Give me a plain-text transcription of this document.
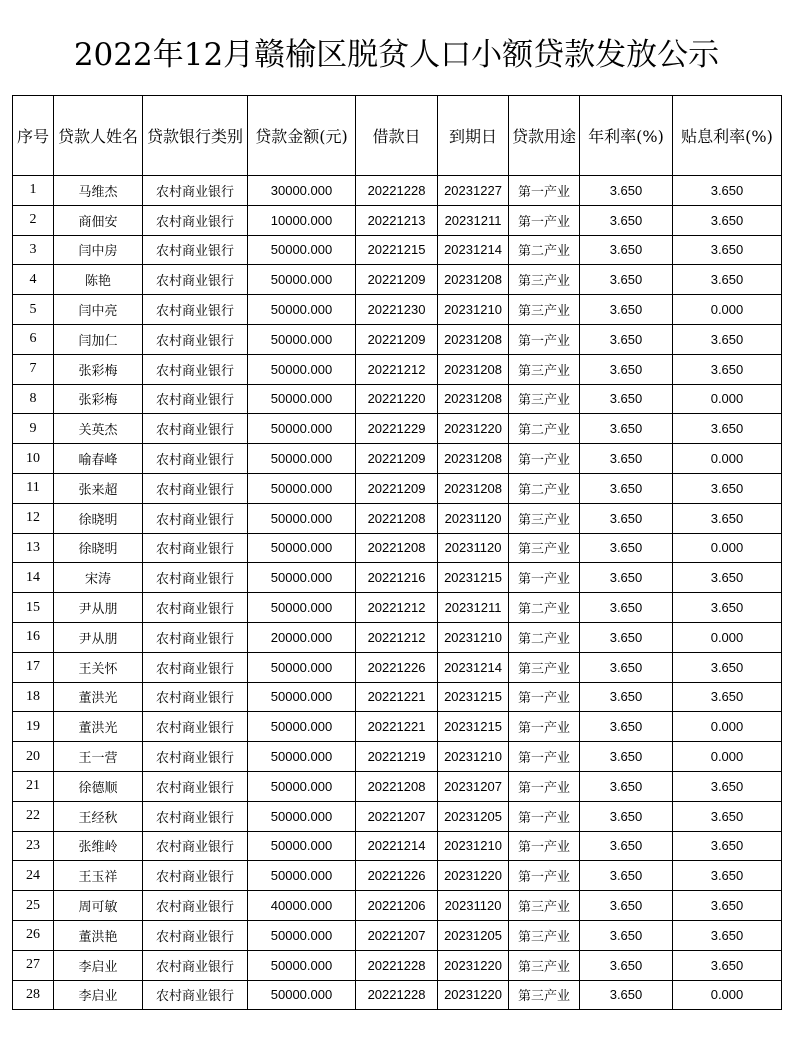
2022年12月赣榆区脱贫人口小额贷款发放公示
序号	贷款人姓名	贷款银行类别	贷款金额(元)	借款日	到期日	贷款用途	年利率(%)	贴息利率(%)
1	马维杰	农村商业银行	30000.000	20221228	20231227	第一产业	3.650	3.650
2	商佃安	农村商业银行	10000.000	20221213	20231211	第一产业	3.650	3.650
3	闫中房	农村商业银行	50000.000	20221215	20231214	第二产业	3.650	3.650
4	陈艳	农村商业银行	50000.000	20221209	20231208	第三产业	3.650	3.650
5	闫中亮	农村商业银行	50000.000	20221230	20231210	第三产业	3.650	0.000
6	闫加仁	农村商业银行	50000.000	20221209	20231208	第一产业	3.650	3.650
7	张彩梅	农村商业银行	50000.000	20221212	20231208	第三产业	3.650	3.650
8	张彩梅	农村商业银行	50000.000	20221220	20231208	第三产业	3.650	0.000
9	关英杰	农村商业银行	50000.000	20221229	20231220	第二产业	3.650	3.650
10	喻春峰	农村商业银行	50000.000	20221209	20231208	第一产业	3.650	0.000
11	张来超	农村商业银行	50000.000	20221209	20231208	第二产业	3.650	3.650
12	徐晓明	农村商业银行	50000.000	20221208	20231120	第三产业	3.650	3.650
13	徐晓明	农村商业银行	50000.000	20221208	20231120	第三产业	3.650	0.000
14	宋涛	农村商业银行	50000.000	20221216	20231215	第一产业	3.650	3.650
15	尹从朋	农村商业银行	50000.000	20221212	20231211	第二产业	3.650	3.650
16	尹从朋	农村商业银行	20000.000	20221212	20231210	第二产业	3.650	0.000
17	王关怀	农村商业银行	50000.000	20221226	20231214	第三产业	3.650	3.650
18	董洪光	农村商业银行	50000.000	20221221	20231215	第一产业	3.650	3.650
19	董洪光	农村商业银行	50000.000	20221221	20231215	第一产业	3.650	0.000
20	王一营	农村商业银行	50000.000	20221219	20231210	第一产业	3.650	0.000
21	徐德顺	农村商业银行	50000.000	20221208	20231207	第一产业	3.650	3.650
22	王经秋	农村商业银行	50000.000	20221207	20231205	第一产业	3.650	3.650
23	张维岭	农村商业银行	50000.000	20221214	20231210	第一产业	3.650	3.650
24	王玉祥	农村商业银行	50000.000	20221226	20231220	第一产业	3.650	3.650
25	周可敏	农村商业银行	40000.000	20221206	20231120	第三产业	3.650	3.650
26	董洪艳	农村商业银行	50000.000	20221207	20231205	第三产业	3.650	3.650
27	李启业	农村商业银行	50000.000	20221228	20231220	第三产业	3.650	3.650
28	李启业	农村商业银行	50000.000	20221228	20231220	第三产业	3.650	0.000
